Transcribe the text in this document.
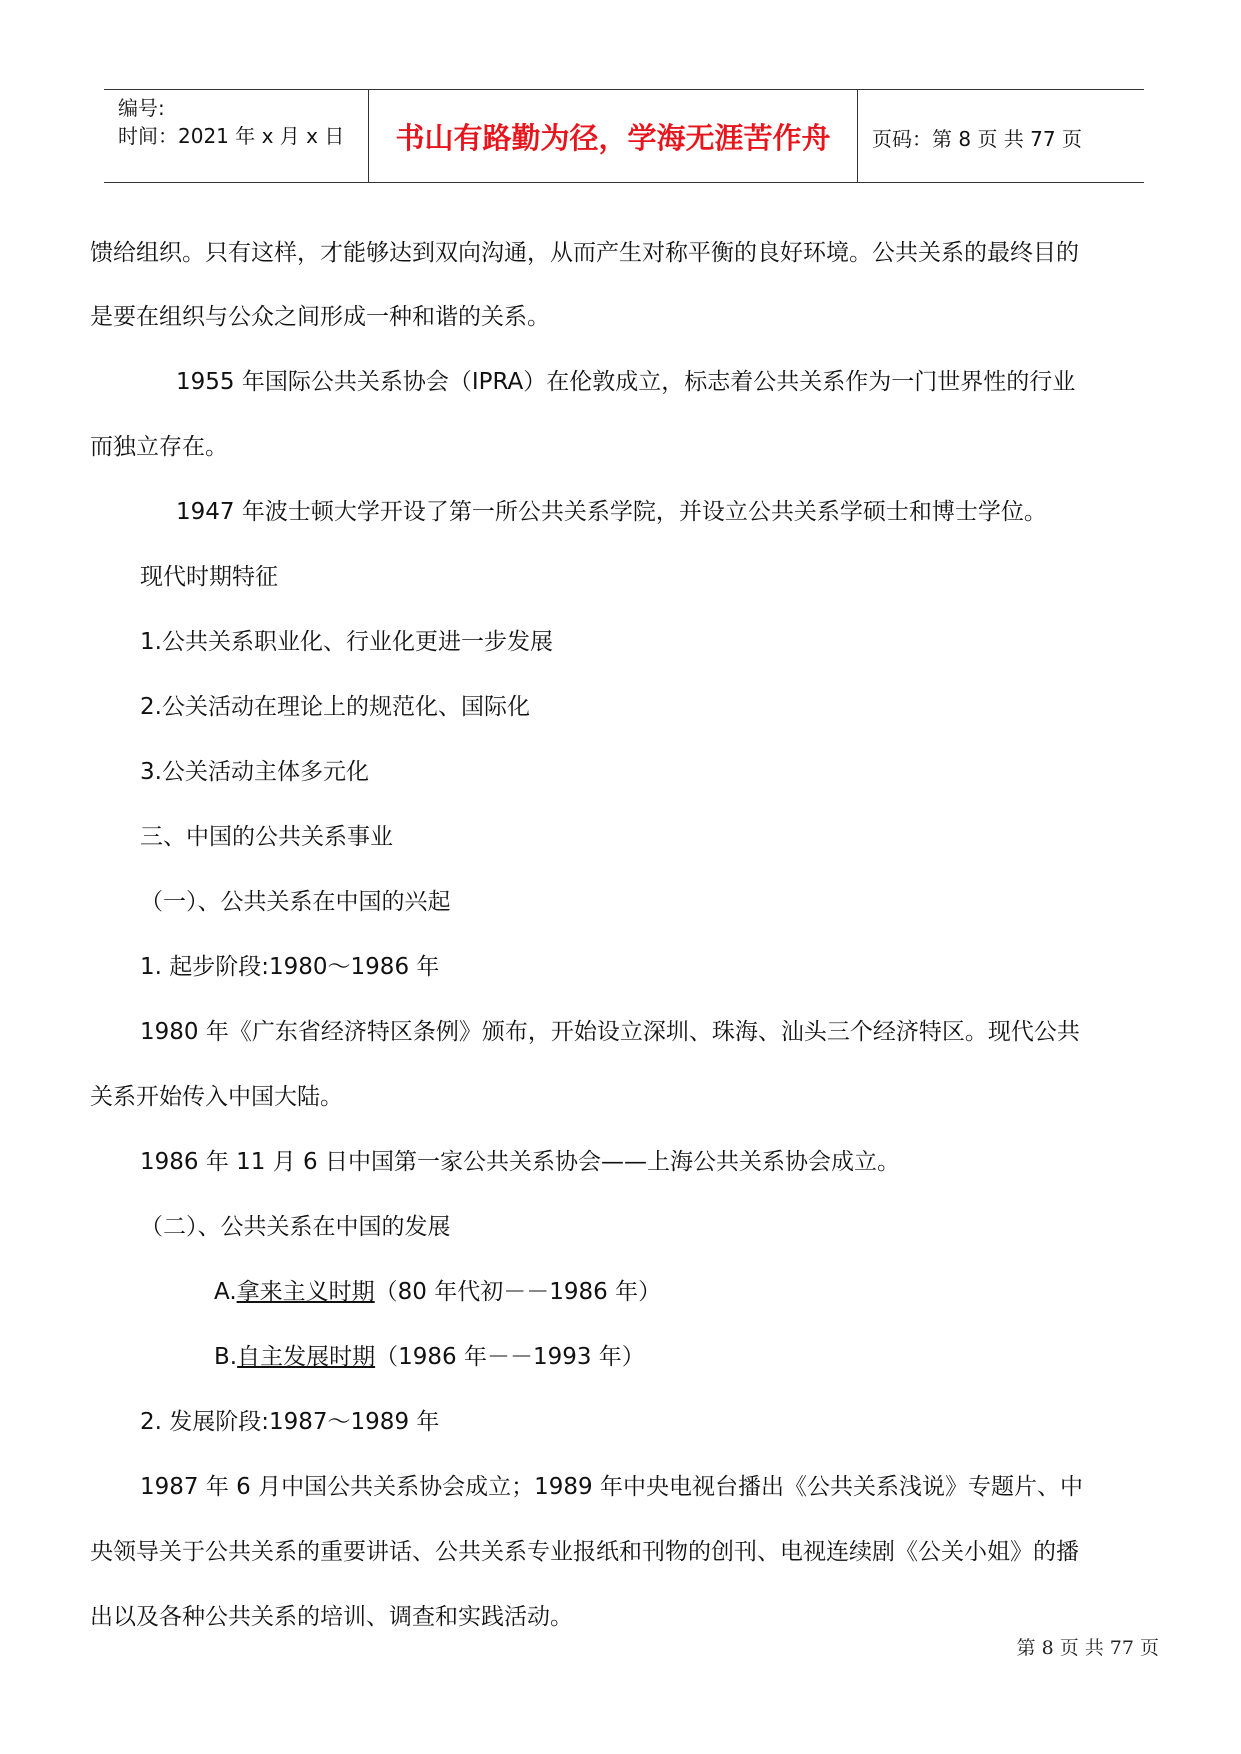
编号:
时间：2021 年 x 月 x 日	书山有路勤为径，学海无涯苦作舟	页码：第 8 页 共 77 页
馈给组织。只有这样，才能够达到双向沟通，从而产生对称平衡的良好环境。公共关系的最终目的
是要在组织与公众之间形成一种和谐的关系。
1955 年国际公共关系协会（IPRA）在伦敦成立，标志着公共关系作为一门世界性的行业
而独立存在。
1947 年波士顿大学开设了第一所公共关系学院，并设立公共关系学硕士和博士学位。
现代时期特征
1.公共关系职业化、行业化更进一步发展
2.公关活动在理论上的规范化、国际化
3.公关活动主体多元化
三、中国的公共关系事业
（一）、公共关系在中国的兴起
1. 起步阶段:1980～1986 年
1980 年《广东省经济特区条例》颁布，开始设立深圳、珠海、汕头三个经济特区。现代公共
关系开始传入中国大陆。
1986 年 11 月 6 日中国第一家公共关系协会——上海公共关系协会成立。
（二）、公共关系在中国的发展
A.拿来主义时期（80 年代初－－1986 年）
B.自主发展时期（1986 年－－1993 年）
2. 发展阶段:1987～1989 年
1987 年 6 月中国公共关系协会成立；1989 年中央电视台播出《公共关系浅说》专题片、中
央领导关于公共关系的重要讲话、公共关系专业报纸和刊物的创刊、电视连续剧《公关小姐》的播
出以及各种公共关系的培训、调查和实践活动。
第 8 页 共 77 页
